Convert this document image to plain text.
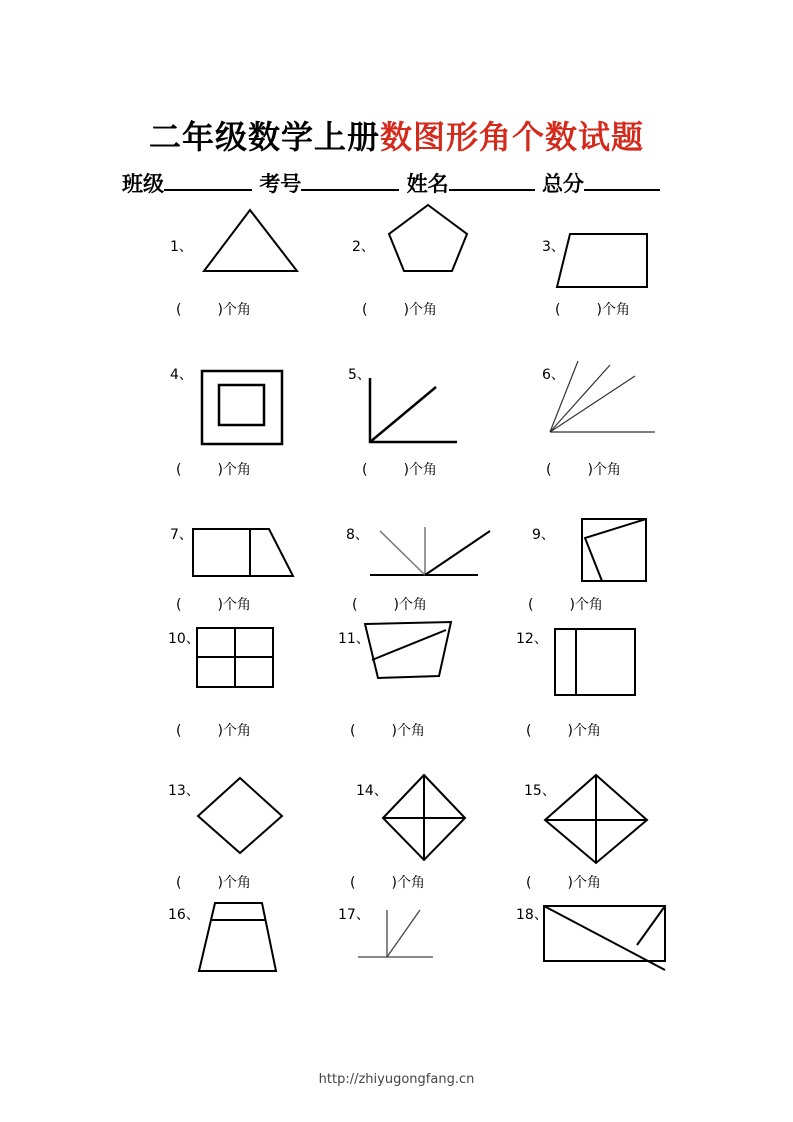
二年级数学上册数图形角个数试题
班级	考号	姓名	总分
1、	2、	3、
4、	5、	6、
7、	8、	9、
10、	11、	12、
13、	14、	15、
16、	17、	18、
(	)个角	(	)个角	(	)个角
(	)个角	(	)个角	(	)个角
(	)个角	(	)个角	(	)个角
(	)个角	(	)个角	(	)个角
(	)个角	(	)个角	(	)个角
http://zhiyugongfang.cn
